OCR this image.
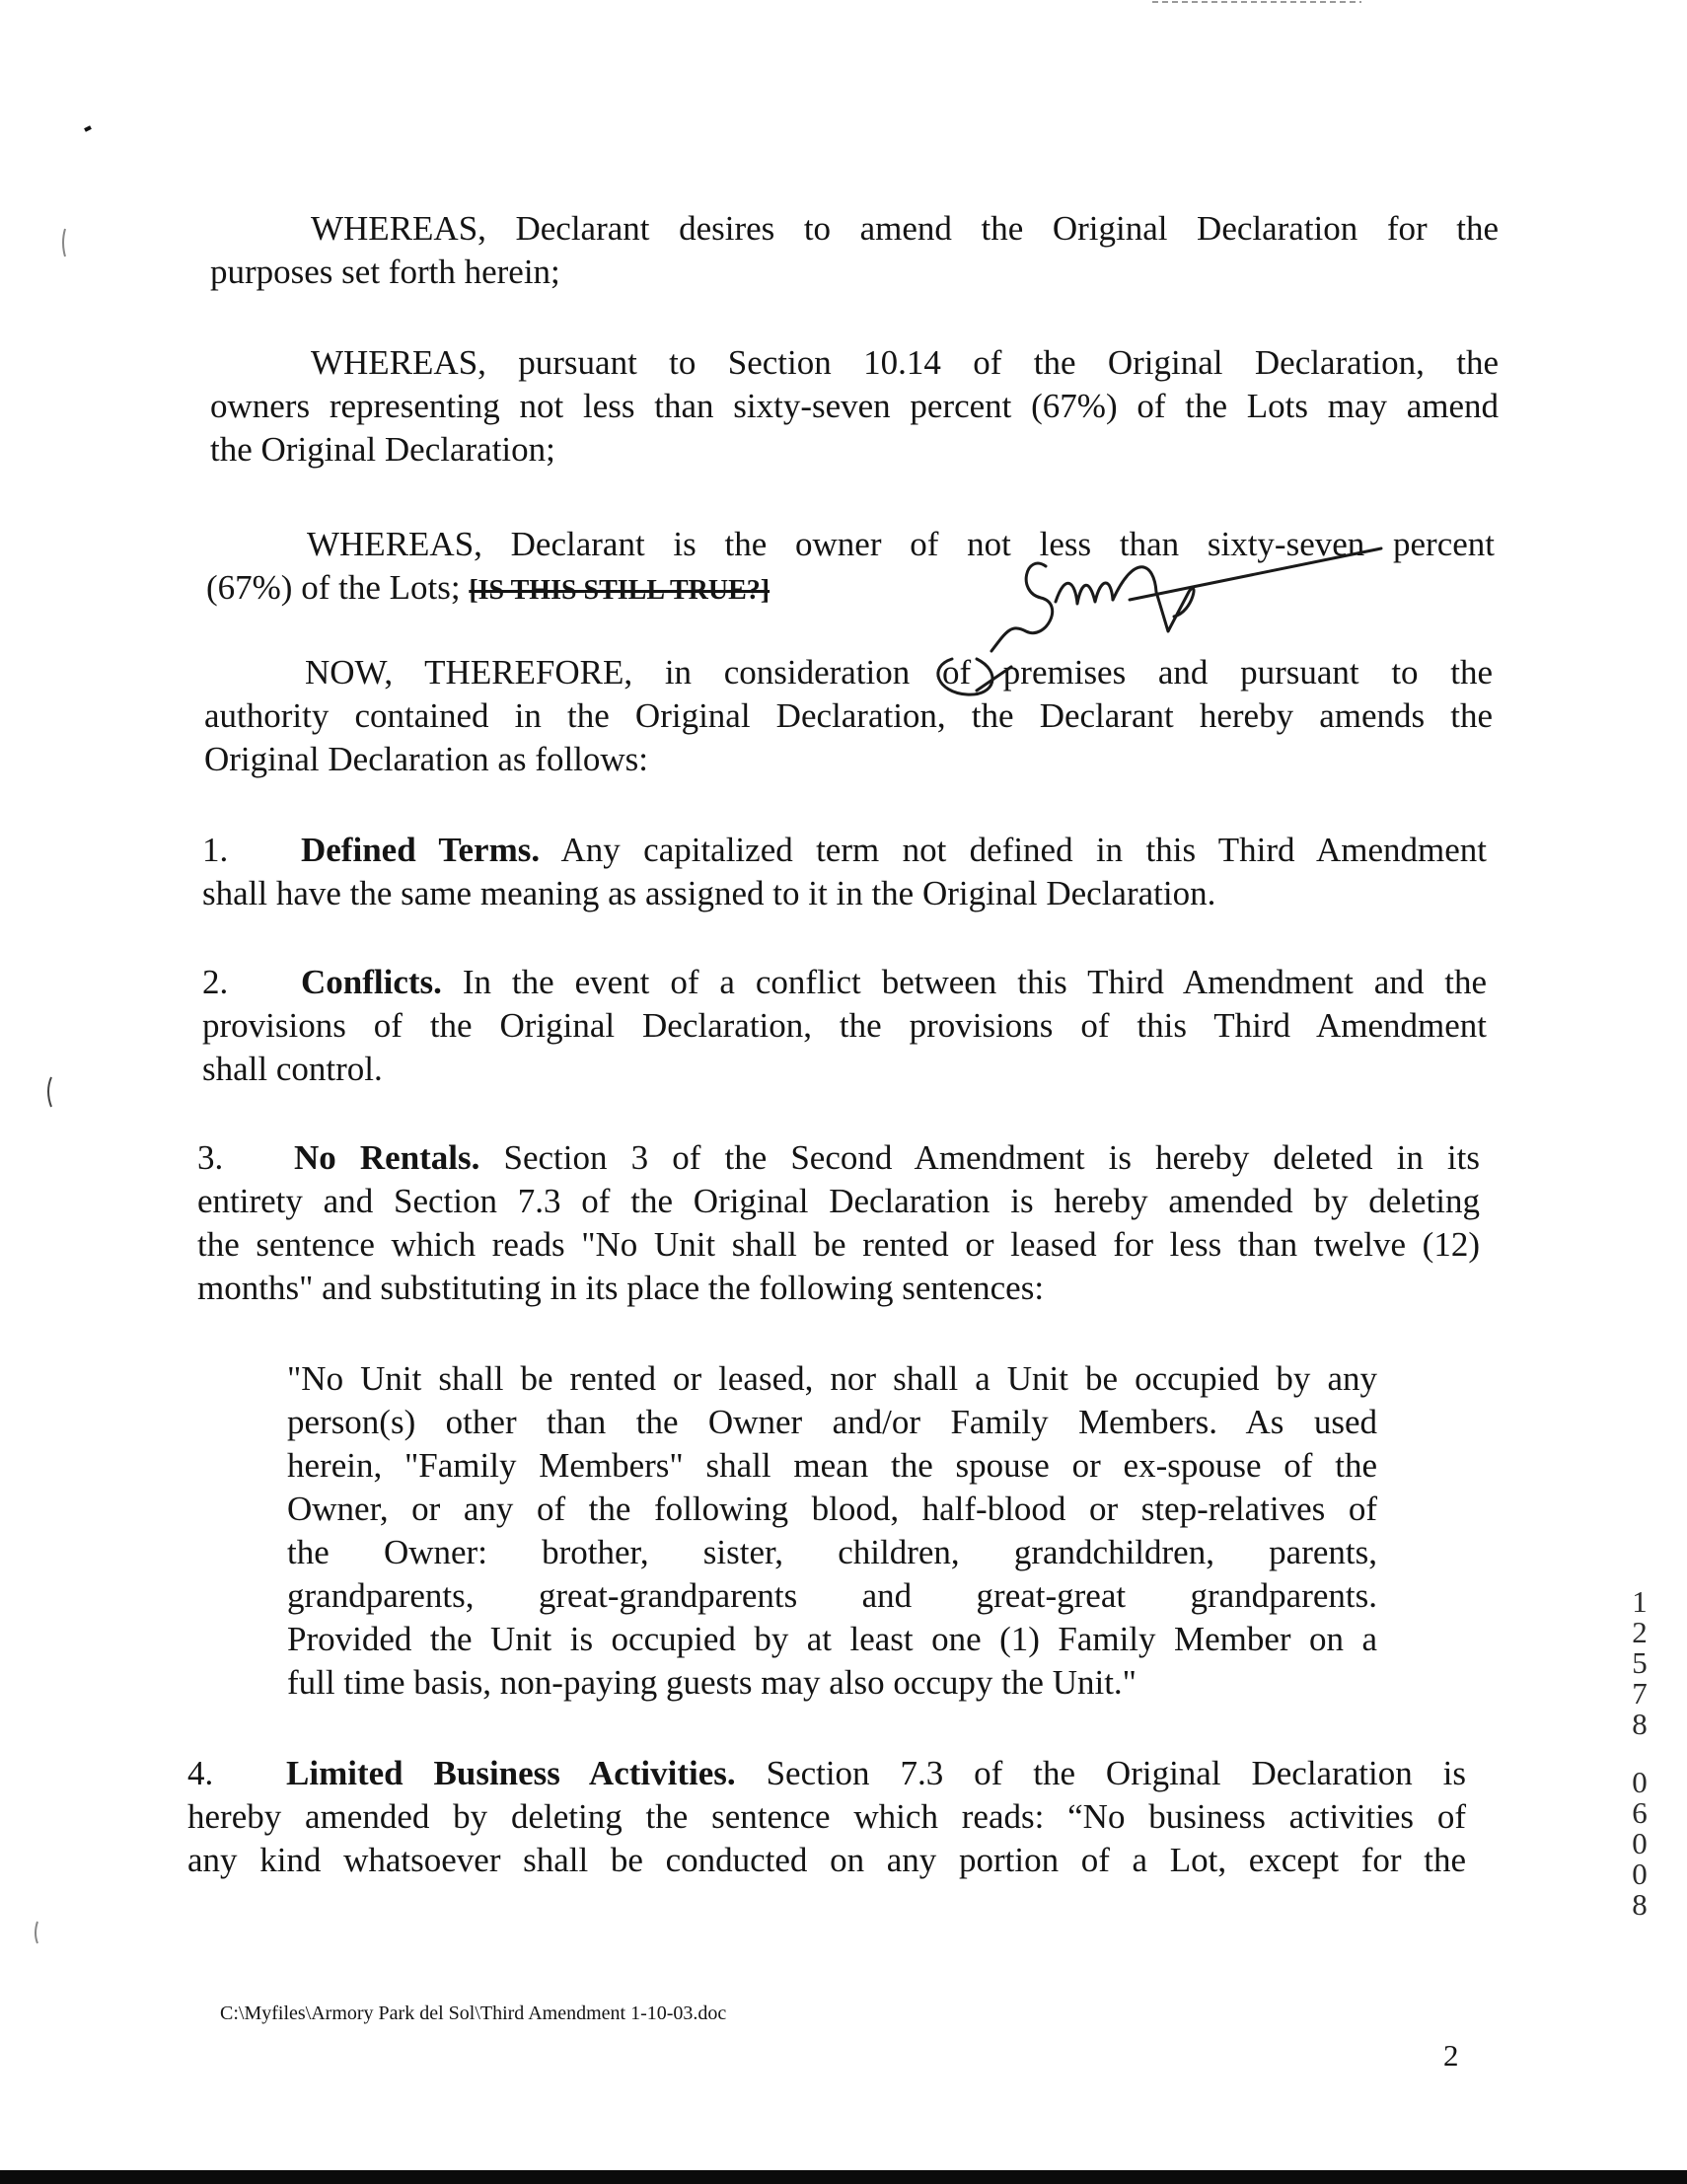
WHEREAS, Declarant desires to amend the Original Declaration for the
purposes set forth herein;
WHEREAS, pursuant to Section 10.14 of the Original Declaration, the
owners representing not less than sixty-seven percent (67%) of the Lots may amend
the Original Declaration;
WHEREAS, Declarant is the owner of not less than sixty-seven percent
(67%) of the Lots; [IS THIS STILL TRUE?]
NOW, THEREFORE, in consideration of premises and pursuant to the
authority contained in the Original Declaration, the Declarant hereby amends the
Original Declaration as follows:
1. Defined Terms. Any capitalized term not defined in this Third Amendment
shall have the same meaning as assigned to it in the Original Declaration.
2. Conflicts. In the event of a conflict between this Third Amendment and the
provisions of the Original Declaration, the provisions of this Third Amendment
shall control.
3. No Rentals. Section 3 of the Second Amendment is hereby deleted in its
entirety and Section 7.3 of the Original Declaration is hereby amended by deleting
the sentence which reads "No Unit shall be rented or leased for less than twelve (12)
months" and substituting in its place the following sentences:
"No Unit shall be rented or leased, nor shall a Unit be occupied by any
person(s) other than the Owner and/or Family Members. As used
herein, "Family Members" shall mean the spouse or ex-spouse of the
Owner, or any of the following blood, half-blood or step-relatives of
the Owner: brother, sister, children, grandchildren, parents,
grandparents, great-grandparents and great-great grandparents.
Provided the Unit is occupied by at least one (1) Family Member on a
full time basis, non-paying guests may also occupy the Unit."
4. Limited Business Activities. Section 7.3 of the Original Declaration is
hereby amended by deleting the sentence which reads: “No business activities of
any kind whatsoever shall be conducted on any portion of a Lot, except for the
1
2
5
7
8
0
6
0
0
8
C:\Myfiles\Armory Park del Sol\Third Amendment 1-10-03.doc
2
